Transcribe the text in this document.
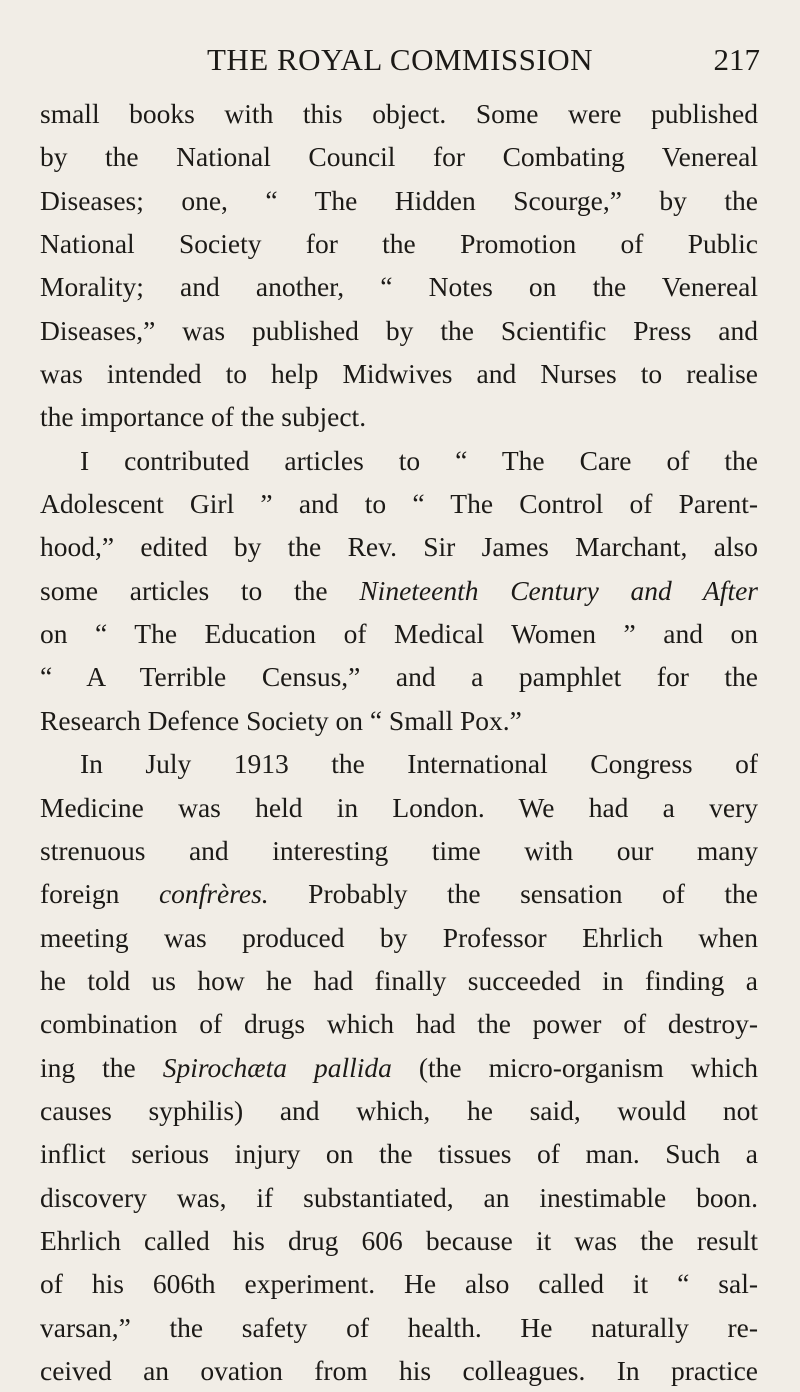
THE ROYAL COMMISSION	217
small books with this object. Some were published
by the National Council for Combating Venereal
Diseases; one, “ The Hidden Scourge,” by the
National Society for the Promotion of Public
Morality; and another, “ Notes on the Venereal
Diseases,” was published by the Scientific Press and
was intended to help Midwives and Nurses to realise
the importance of the subject.
I contributed articles to “ The Care of the
Adolescent Girl ” and to “ The Control of Parent-
hood,” edited by the Rev. Sir James Marchant, also
some articles to the Nineteenth Century and After
on “ The Education of Medical Women ” and on
“ A Terrible Census,” and a pamphlet for the
Research Defence Society on “ Small Pox.”
In July 1913 the International Congress of
Medicine was held in London. We had a very
strenuous and interesting time with our many
foreign confrères. Probably the sensation of the
meeting was produced by Professor Ehrlich when
he told us how he had finally succeeded in finding a
combination of drugs which had the power of destroy-
ing the Spirochæta pallida (the micro-organism which
causes syphilis) and which, he said, would not
inflict serious injury on the tissues of man. Such a
discovery was, if substantiated, an inestimable boon.
Ehrlich called his drug 606 because it was the result
of his 606th experiment. He also called it “ sal-
varsan,” the safety of health. He naturally re-
ceived an ovation from his colleagues. In practice
